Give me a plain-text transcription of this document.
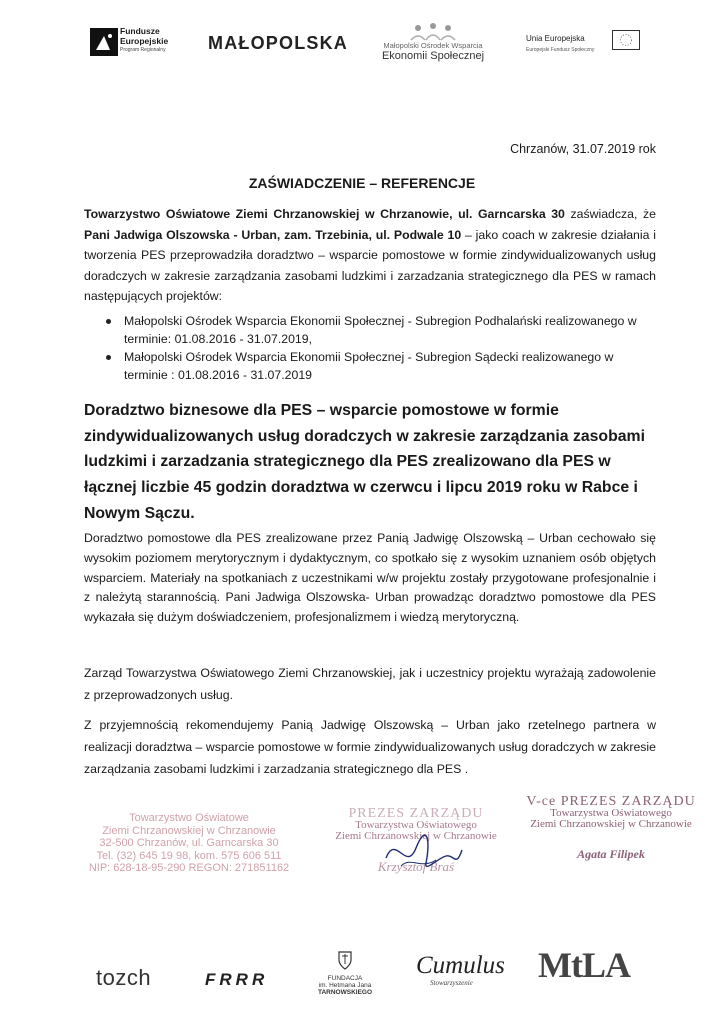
Fundusze
Europejskie
Program Regionalny MAŁOPOLSKA	Małopolski Ośrodek Wsparcia
Ekonomii Społecznej
Unia Europejska
Europejski Fundusz Społeczny
Chrzanów, 31.07.2019 rok
ZAŚWIADCZENIE – REFERENCJE
Towarzystwo Oświatowe Ziemi Chrzanowskiej w Chrzanowie, ul. Garncarska 30 zaświadcza, że Pani Jadwiga Olszowska - Urban, zam. Trzebinia, ul. Podwale 10 – jako coach w zakresie działania i tworzenia PES przeprowadziła doradztwo – wsparcie pomostowe w formie zindywidualizowanych usług doradczych w zakresie zarządzania zasobami ludzkimi i zarzadzania strategicznego dla PES w ramach następujących projektów:
Małopolski Ośrodek Wsparcia Ekonomii Społecznej - Subregion Podhalański realizowanego w terminie: 01.08.2016 - 31.07.2019,
Małopolski Ośrodek Wsparcia Ekonomii Społecznej - Subregion Sądecki realizowanego w terminie : 01.08.2016 - 31.07.2019
Doradztwo biznesowe dla PES – wsparcie pomostowe w formie zindywidualizowanych usług doradczych w zakresie zarządzania zasobami ludzkimi i zarzadzania strategicznego dla PES zrealizowano dla PES w łącznej liczbie 45 godzin doradztwa w czerwcu i lipcu 2019 roku w Rabce i Nowym Sączu.
Doradztwo pomostowe dla PES zrealizowane przez Panią Jadwigę Olszowską – Urban cechowało się wysokim poziomem merytorycznym i dydaktycznym, co spotkało się z wysokim uznaniem osób objętych wsparciem. Materiały na spotkaniach z uczestnikami w/w projektu zostały przygotowane profesjonalnie i z należytą starannością. Pani Jadwiga Olszowska- Urban prowadząc doradztwo pomostowe dla PES wykazała się dużym doświadczeniem, profesjonalizmem i wiedzą merytoryczną.
Zarząd Towarzystwa Oświatowego Ziemi Chrzanowskiej, jak i uczestnicy projektu wyrażają zadowolenie z przeprowadzonych usług.
Z przyjemnością rekomendujemy Panią Jadwigę Olszowską – Urban jako rzetelnego partnera w realizacji doradztwa – wsparcie pomostowe w formie zindywidualizowanych usług doradczych w zakresie zarządzania zasobami ludzkimi i zarzadzania strategicznego dla PES .
Towarzystwo Oświatowe
Ziemi Chrzanowskiej w Chrzanowie
32-500 Chrzanów, ul. Garncarska 30
Tel. (32) 645 19 98, kom. 575 606 511
NIP: 628-18-95-290 REGON: 271851162
PREZES ZARZĄDU
Towarzystwa Oświatowego
Ziemi Chrzanowskiej w Chrzanowie
Krzysztof Braś
V-ce PREZES ZARZĄDU
Towarzystwa Oświatowego
Ziemi Chrzanowskiej w Chrzanowie
Agata Filipek
tozch	FRRR	FUNDACJA
im. Hetmana Jana
TARNOWSKIEGO
Cumulus
Stowarzyszenie MtLA
